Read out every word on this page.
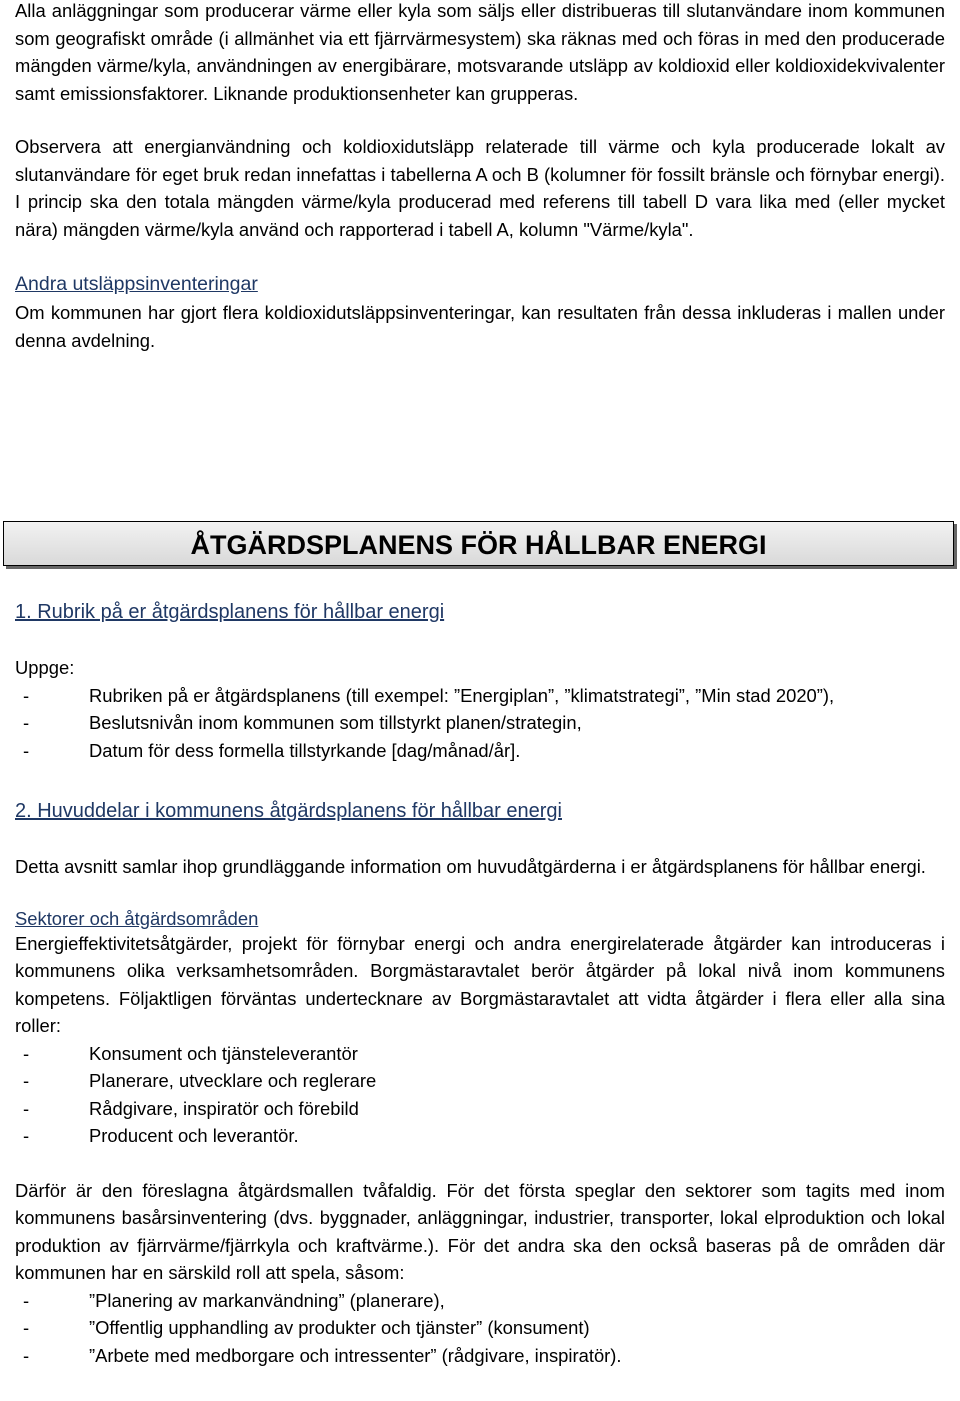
Alla anläggningar som producerar värme eller kyla som säljs eller distribueras till slutanvändare inom kommunen som geografiskt område (i allmänhet via ett fjärrvärmesystem) ska räknas med och föras in med den producerade mängden värme/kyla, användningen av energibärare, motsvarande utsläpp av koldioxid eller koldioxidekvivalenter samt emissionsfaktorer. Liknande produktionsenheter kan grupperas.

Observera att energianvändning och koldioxidutsläpp relaterade till värme och kyla producerade lokalt av slutanvändare för eget bruk redan innefattas i tabellerna A och B (kolumner för fossilt bränsle och förnybar energi). I princip ska den totala mängden värme/kyla producerad med referens till tabell D vara lika med (eller mycket nära) mängden värme/kyla använd och rapporterad i tabell A, kolumn "Värme/kyla".

Andra utsläppsinventeringar

Om kommunen har gjort flera koldioxidutsläppsinventeringar, kan resultaten från dessa inkluderas i mallen under denna avdelning.

ÅTGÄRDSPLANENS FÖR HÅLLBAR ENERGI
1. Rubrik på er åtgärdsplanens för hållbar energi

Uppge:

- Rubriken på er åtgärdsplanens (till exempel: ”Energiplan”, ”klimatstrategi”, ”Min stad 2020”),
- Beslutsnivån inom kommunen som tillstyrkt planen/strategin,
- Datum för dess formella tillstyrkande [dag/månad/år].
2. Huvuddelar i kommunens åtgärdsplanens för hållbar energi

Detta avsnitt samlar ihop grundläggande information om huvudåtgärderna i er åtgärdsplanens för hållbar energi.

Sektorer och åtgärdsområden

Energieffektivitetsåtgärder, projekt för förnybar energi och andra energirelaterade åtgärder kan introduceras i kommunens olika verksamhetsområden. Borgmästaravtalet berör åtgärder på lokal nivå inom kommunens kompetens. Följaktligen förväntas undertecknare av Borgmästaravtalet att vidta åtgärder i flera eller alla sina roller:

- Konsument och tjänsteleverantör
- Planerare, utvecklare och reglerare
- Rådgivare, inspiratör och förebild
- Producent och leverantör.

Därför är den föreslagna åtgärdsmallen tvåfaldig. För det första speglar den sektorer som tagits med inom kommunens basårsinventering (dvs. byggnader, anläggningar, industrier, transporter, lokal elproduktion och lokal produktion av fjärrvärme/fjärrkyla och kraftvärme.). För det andra ska den också baseras på de områden där kommunen har en särskild roll att spela, såsom:

- ”Planering av markanvändning” (planerare),
- ”Offentlig upphandling av produkter och tjänster” (konsument)
- ”Arbete med medborgare och intressenter” (rådgivare, inspiratör).
